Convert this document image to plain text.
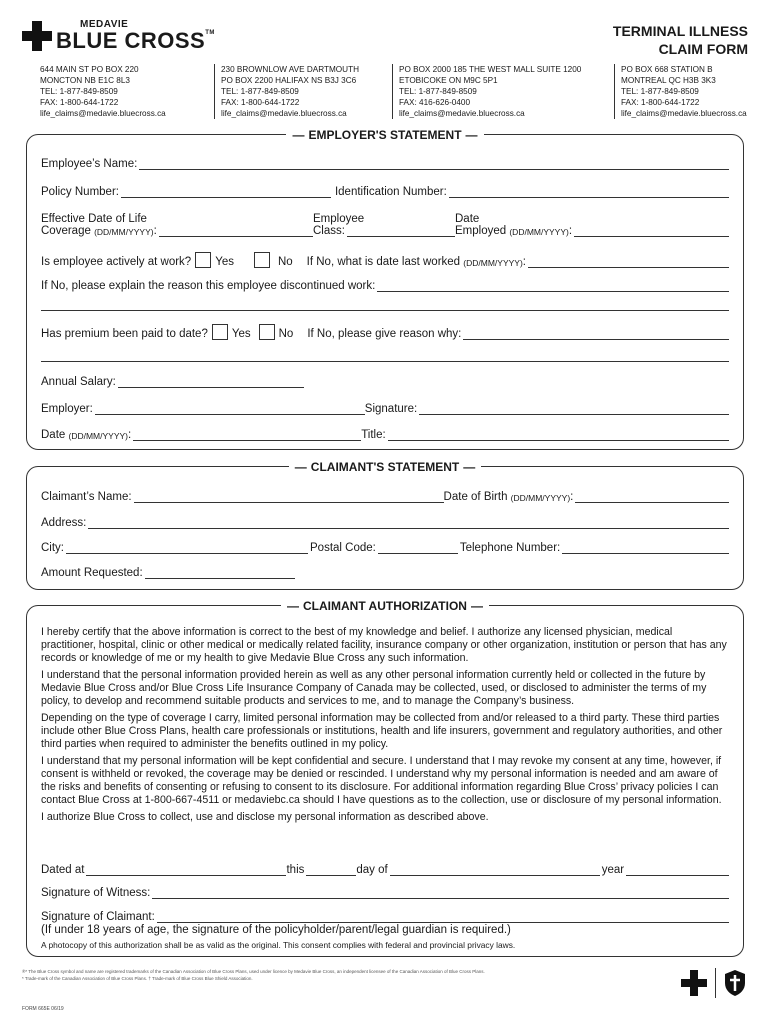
MEDAVIE
BLUE CROSS™	TERMINAL ILLNESS
CLAIM FORM
644 MAIN ST PO BOX 220
MONCTON NB E1C 8L3
TEL: 1-877-849-8509
FAX: 1-800-644-1722
life_claims@medavie.bluecross.ca
230 BROWNLOW AVE DARTMOUTH
PO BOX 2200 HALIFAX NS B3J 3C6
TEL: 1-877-849-8509
FAX: 1-800-644-1722
life_claims@medavie.bluecross.ca
PO BOX 2000 185 THE WEST MALL SUITE 1200
ETOBICOKE ON M9C 5P1
TEL: 1-877-849-8509
FAX: 416-626-0400
life_claims@medavie.bluecross.ca
PO BOX 668 STATION B
MONTREAL QC H3B 3K3
TEL: 1-877-849-8509
FAX: 1-800-644-1722
life_claims@medavie.bluecross.ca
— EMPLOYER'S STATEMENT —
Employee’s Name:
Policy Number:	Identification Number:
Effective Date of Life
Coverage
(DD/MM/YYYY) :
Employee
Class:
Date
Employed
(DD/MM/YYYY) :
Is employee actively at work? Yes	No If No, what is date last worked
(DD/MM/YYYY) :
If No, please explain the reason this employee discontinued work:
Has premium been paid to date? Yes No If No, please give reason why:
Annual Salary:
Employer:	Signature:
Date
(DD/MM/YYYY) :	Title:
— CLAIMANT'S STATEMENT —
Claimant’s Name:	Date of Birth
(DD/MM/YYYY) :
Address:
City:	Postal Code:	Telephone Number:
Amount Requested:
— CLAIMANT AUTHORIZATION —

I hereby certify that the above information is correct to the best of my knowledge and belief. I authorize any licensed physician, medical practitioner, hospital, clinic or other medical or medically related facility, insurance company or other organization, institution or person that has any records or knowledge of me or my health to give Medavie Blue Cross any such information.

I understand that the personal information provided herein as well as any other personal information currently held or collected in the future by Medavie Blue Cross and/or Blue Cross Life Insurance Company of Canada may be collected, used, or disclosed to administer the terms of my policy, to develop and recommend suitable products and services to me, and to manage the Company’s business.

Depending on the type of coverage I carry, limited personal information may be collected from and/or released to a third party. These third parties include other Blue Cross Plans, health care professionals or institutions, health and life insurers, government and regulatory authorities, and other third parties when required to administer the benefits outlined in my policy.

I understand that my personal information will be kept confidential and secure. I understand that I may revoke my consent at any time, however, if consent is withheld or revoked, the coverage may be denied or rescinded. I understand why my personal information is needed and am aware of the risks and benefits of consenting or refusing to consent to its disclosure. For additional information regarding Blue Cross’ privacy policies I can contact Blue Cross at 1-800-667-4511 or medaviebc.ca should I have questions as to the collection, use or disclosure of my personal information.

I authorize Blue Cross to collect, use and disclose my personal information as described above.

Dated at	this	day of	year
Signature of Witness:
Signature of Claimant:
(If under 18 years of age, the signature of the policyholder/parent/legal guardian is required.)
A photocopy of this authorization shall be as valid as the original. This consent complies with federal and provincial privacy laws.
®* The Blue Cross symbol and name are registered trademarks of the Canadian Association of Blue Cross Plans, used under licence by Medavie Blue Cross, an independent licensee of the Canadian Association of Blue Cross Plans.
* Trade-mark of the Canadian Association of Blue Cross Plans. † Trade-mark of Blue Cross Blue Shield Association.
FORM 665E 06/19
